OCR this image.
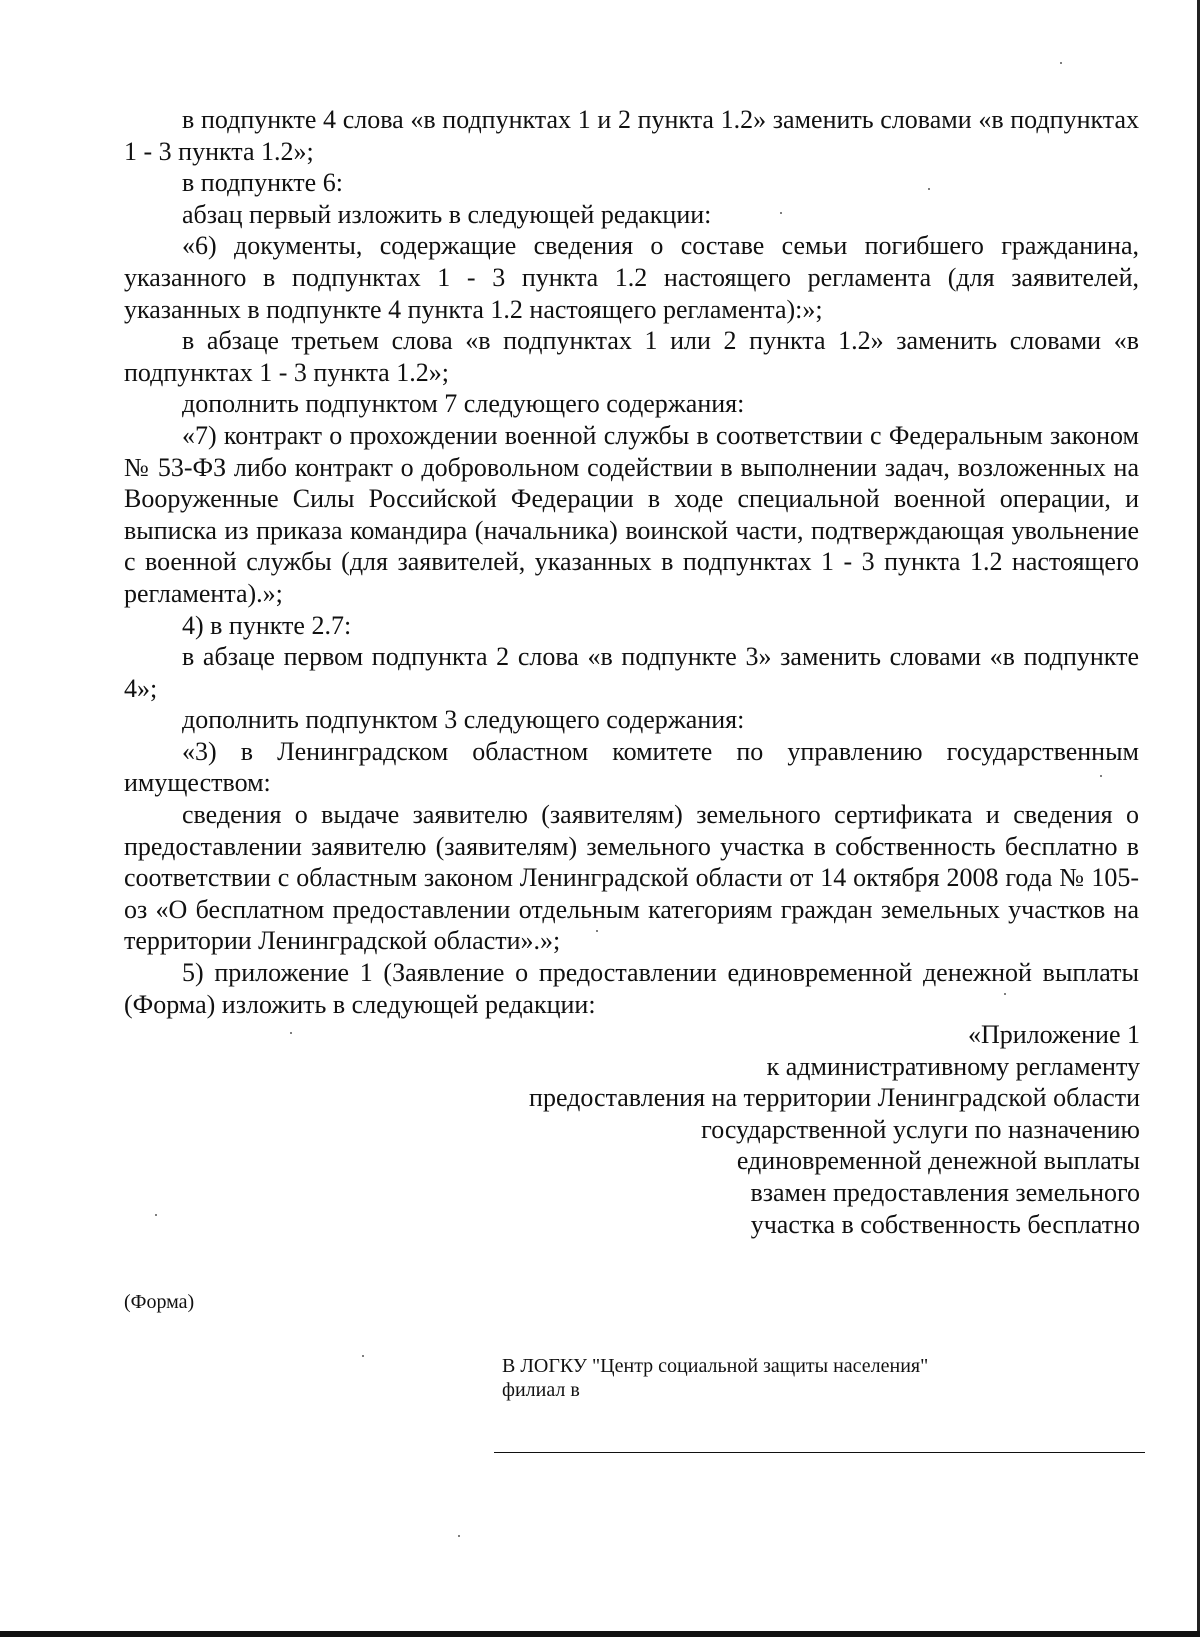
в подпункте 4 слова «в подпунктах 1 и 2 пункта 1.2» заменить словами «в подпунктах 1 - 3 пункта 1.2»;

в подпункте 6:

абзац первый изложить в следующей редакции:

«6) документы, содержащие сведения о составе семьи погибшего гражданина, указанного в подпунктах 1 - 3 пункта 1.2 настоящего регламента (для заявителей, указанных в подпункте 4 пункта 1.2 настоящего регламента):»;

в абзаце третьем слова «в подпунктах 1 или 2 пункта 1.2» заменить словами «в подпунктах 1 - 3 пункта 1.2»;

дополнить подпунктом 7 следующего содержания:

«7) контракт о прохождении военной службы в соответствии с Федеральным законом № 53-ФЗ либо контракт о добровольном содействии в выполнении задач, возложенных на Вооруженные Силы Российской Федерации в ходе специальной военной операции, и выписка из приказа командира (начальника) воинской части, подтверждающая увольнение с военной службы (для заявителей, указанных в подпунктах 1 - 3 пункта 1.2 настоящего регламента).»;

4) в пункте 2.7:

в абзаце первом подпункта 2 слова «в подпункте 3» заменить словами «в подпункте 4»;

дополнить подпунктом 3 следующего содержания:

«3) в Ленинградском областном комитете по управлению государственным имуществом:

сведения о выдаче заявителю (заявителям) земельного сертификата и сведения о предоставлении заявителю (заявителям) земельного участка в собственность бесплатно в соответствии с областным законом Ленинградской области от 14 октября 2008 года № 105-оз «О бесплатном предоставлении отдельным категориям граждан земельных участков на территории Ленинградской области».»;

5) приложение 1 (Заявление о предоставлении единовременной денежной выплаты (Форма) изложить в следующей редакции:

«Приложение 1
к административному регламенту
предоставления на территории Ленинградской области
государственной услуги по назначению
единовременной денежной выплаты
взамен предоставления земельного
участка в собственность бесплатно
(Форма)
В ЛОГКУ "Центр социальной защиты населения"
филиал в
